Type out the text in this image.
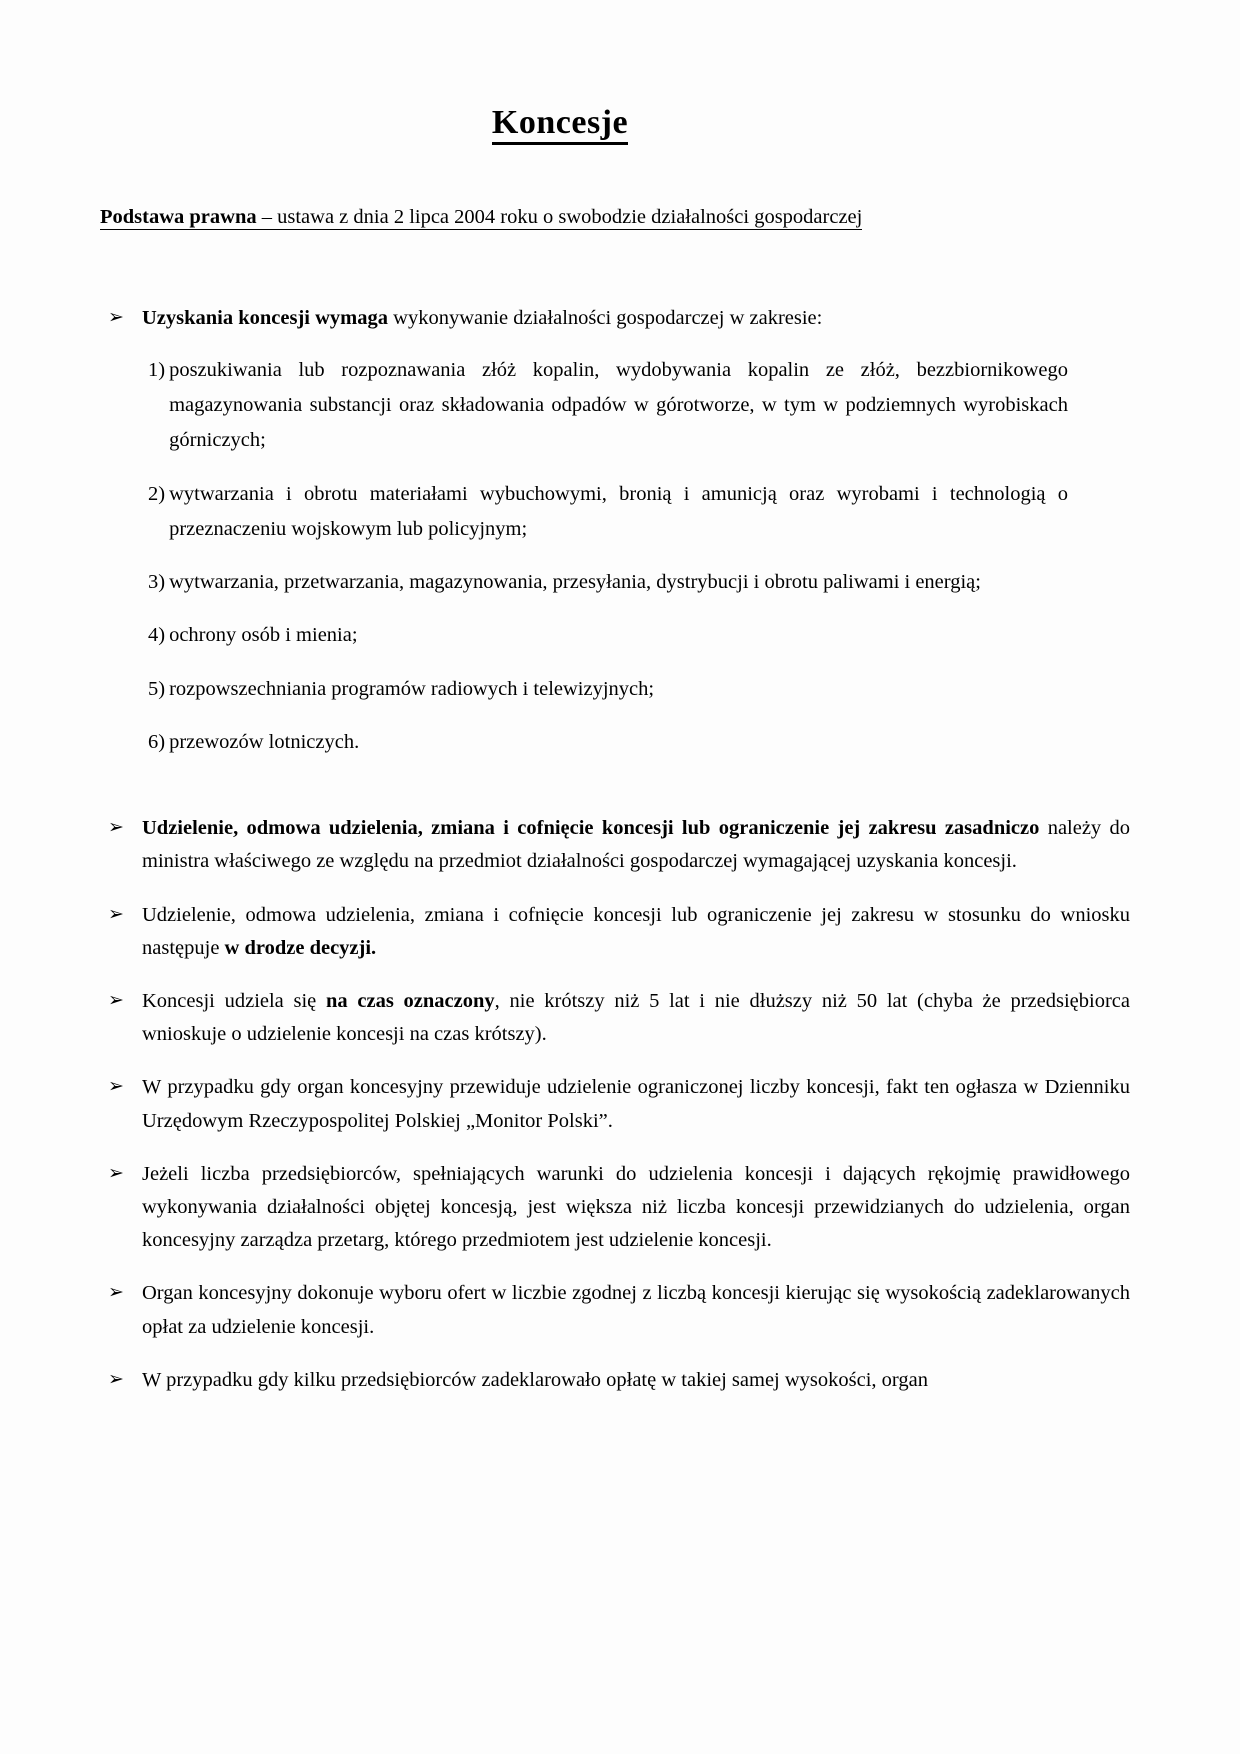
Koncesje
Podstawa prawna – ustawa z dnia 2 lipca 2004 roku o swobodzie działalności gospodarczej
➢ Uzyskania koncesji wymaga wykonywanie działalności gospodarczej w zakresie:
1) poszukiwania lub rozpoznawania złóż kopalin, wydobywania kopalin ze złóż, bezzbiornikowego magazynowania substancji oraz składowania odpadów w górotworze, w tym w podziemnych wyrobiskach górniczych;
2) wytwarzania i obrotu materiałami wybuchowymi, bronią i amunicją oraz wyrobami i technologią o przeznaczeniu wojskowym lub policyjnym;
3) wytwarzania, przetwarzania, magazynowania, przesyłania, dystrybucji i obrotu paliwami i energią;
4) ochrony osób i mienia;
5) rozpowszechniania programów radiowych i telewizyjnych;
6) przewozów lotniczych.
➢ Udzielenie, odmowa udzielenia, zmiana i cofnięcie koncesji lub ograniczenie jej zakresu zasadniczo należy do ministra właściwego ze względu na przedmiot działalności gospodarczej wymagającej uzyskania koncesji.
➢ Udzielenie, odmowa udzielenia, zmiana i cofnięcie koncesji lub ograniczenie jej zakresu w stosunku do wniosku następuje w drodze decyzji.
➢ Koncesji udziela się na czas oznaczony, nie krótszy niż 5 lat i nie dłuższy niż 50 lat (chyba że przedsiębiorca wnioskuje o udzielenie koncesji na czas krótszy).
➢ W przypadku gdy organ koncesyjny przewiduje udzielenie ograniczonej liczby koncesji, fakt ten ogłasza w Dzienniku Urzędowym Rzeczypospolitej Polskiej „Monitor Polski”.
➢ Jeżeli liczba przedsiębiorców, spełniających warunki do udzielenia koncesji i dających rękojmię prawidłowego wykonywania działalności objętej koncesją, jest większa niż liczba koncesji przewidzianych do udzielenia, organ koncesyjny zarządza przetarg, którego przedmiotem jest udzielenie koncesji.
➢ Organ koncesyjny dokonuje wyboru ofert w liczbie zgodnej z liczbą koncesji kierując się wysokością zadeklarowanych opłat za udzielenie koncesji.
➢ W przypadku gdy kilku przedsiębiorców zadeklarowało opłatę w takiej samej wysokości, organ
